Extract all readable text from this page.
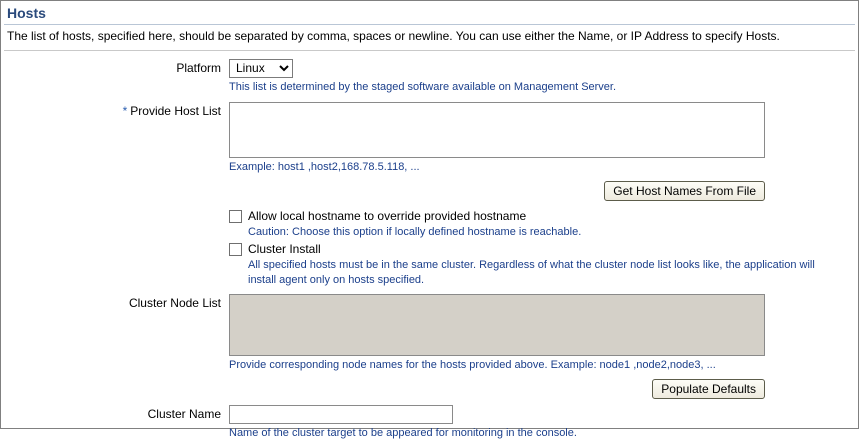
Hosts
The list of hosts, specified here, should be separated by comma, spaces or newline. You can use either the Name, or IP Address to specify Hosts.
Platform
Linux
This list is determined by the staged software available on Management Server.
* Provide Host List
Example: host1 ,host2,168.78.5.118, ...
Get Host Names From File
Allow local hostname to override provided hostname
Caution: Choose this option if locally defined hostname is reachable.
Cluster Install
All specified hosts must be in the same cluster. Regardless of what the cluster node list looks like, the application will install agent only on hosts specified.
Cluster Node List
Provide corresponding node names for the hosts provided above. Example: node1 ,node2,node3, ...
Populate Defaults
Cluster Name
Name of the cluster target to be appeared for monitoring in the console.
